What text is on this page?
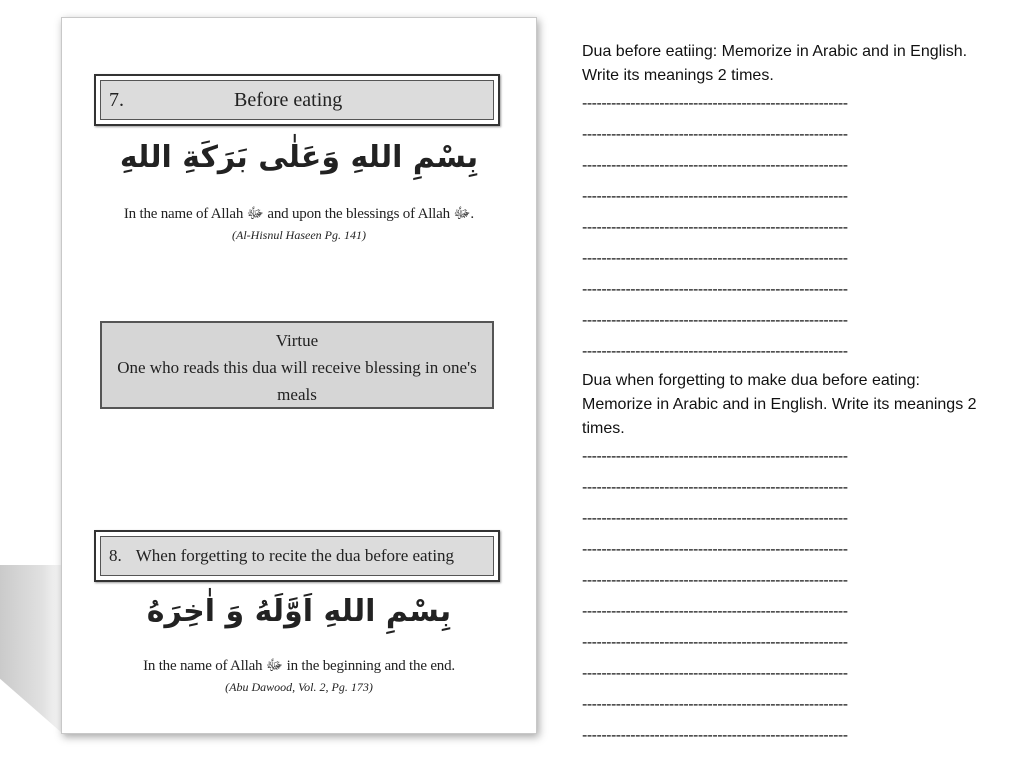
7.	Before eating
بِسْمِ اللهِ وَعَلٰى بَرَكَةِ اللهِ
In the name of Allah ﷻ and upon the blessings of Allah ﷻ.
(Al-Hisnul Haseen Pg. 141)
Virtue
One who reads this dua will receive blessing in one's meals
8. When forgetting to recite the dua before eating
بِسْمِ اللهِ اَوَّلَهُ وَ اٰخِرَهُ
In the name of Allah ﷻ in the beginning and the end.
(Abu Dawood, Vol. 2, Pg. 173)
Dua before eatiing: Memorize in Arabic and in English. Write its meanings 2 times.
-------------------------------------------------------
-------------------------------------------------------
-------------------------------------------------------
-------------------------------------------------------
-------------------------------------------------------
-------------------------------------------------------
-------------------------------------------------------
-------------------------------------------------------
-------------------------------------------------------
Dua when forgetting to make dua before eating: Memorize in Arabic and in English. Write its meanings 2 times.
-------------------------------------------------------
-------------------------------------------------------
-------------------------------------------------------
-------------------------------------------------------
-------------------------------------------------------
-------------------------------------------------------
-------------------------------------------------------
-------------------------------------------------------
-------------------------------------------------------
-------------------------------------------------------
